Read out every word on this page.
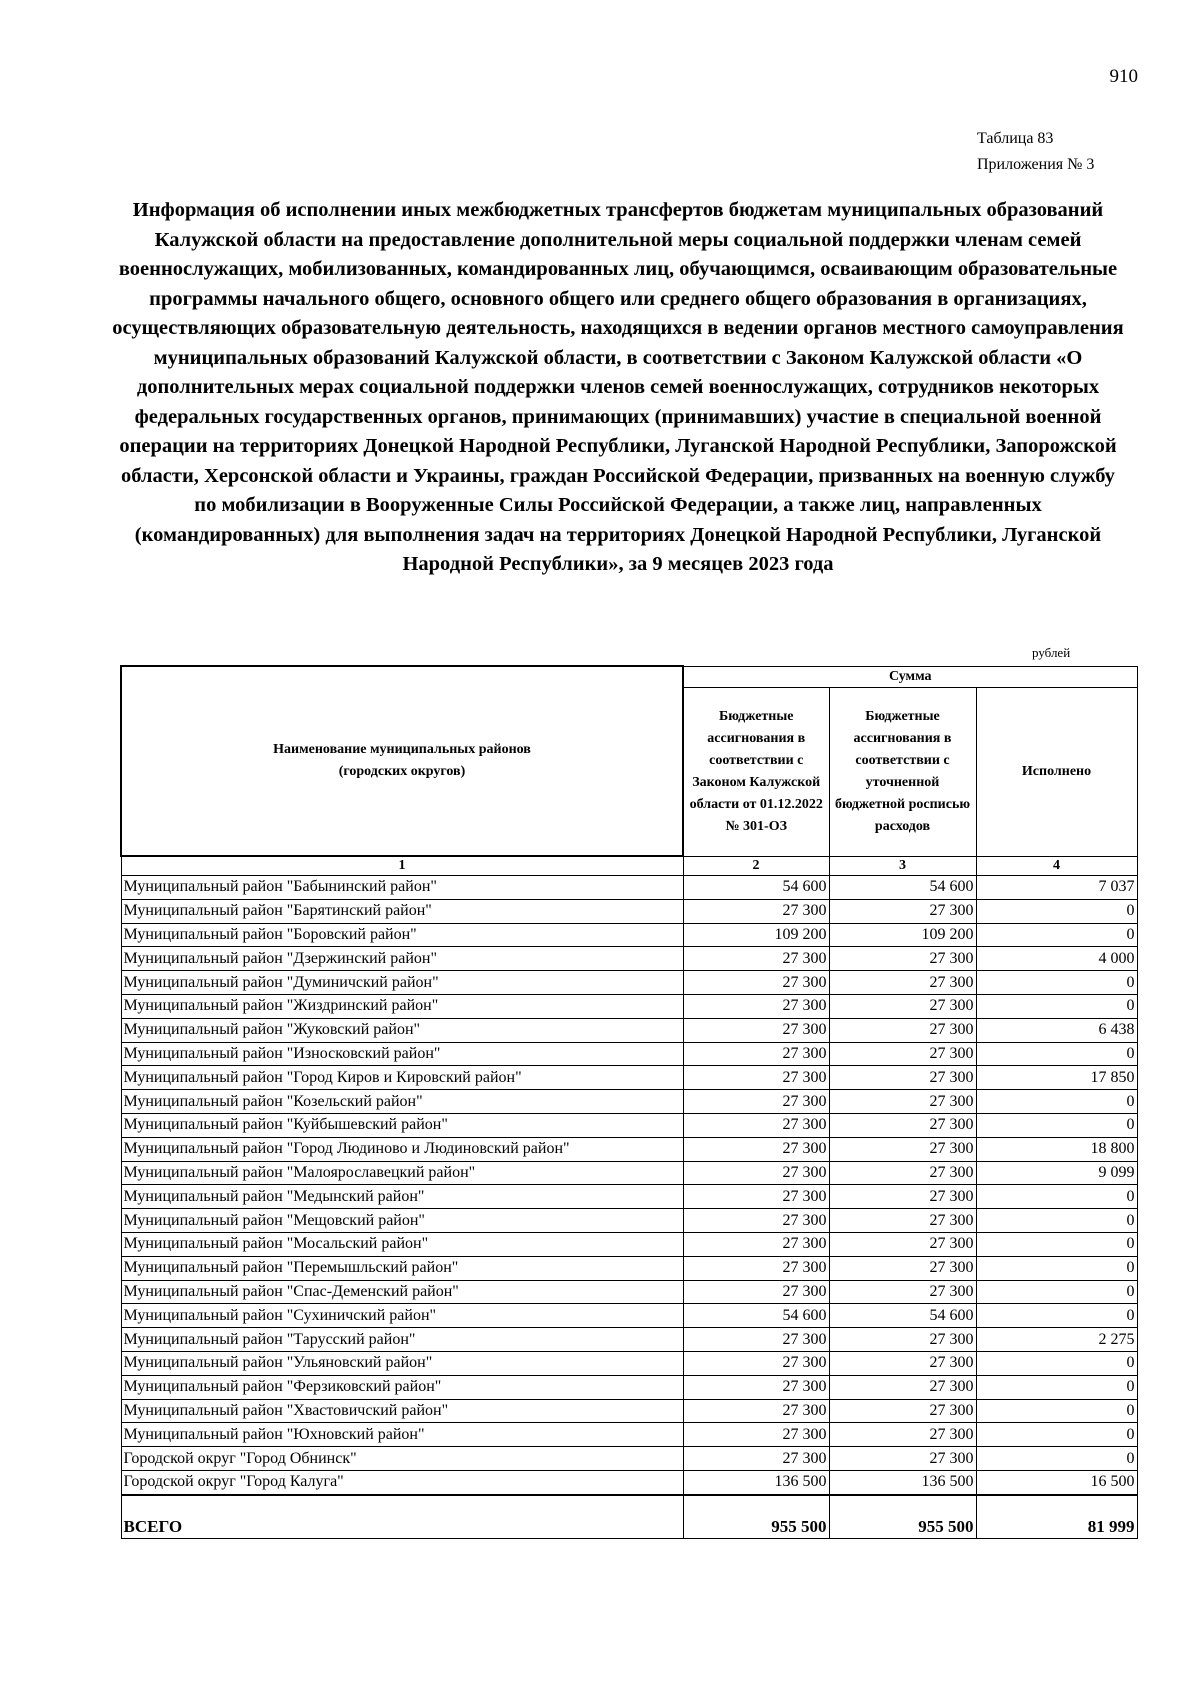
910
Таблица 83
Приложения № 3
Информация об исполнении иных межбюджетных трансфертов бюджетам муниципальных образований Калужской области на предоставление дополнительной меры социальной поддержки членам семей военнослужащих, мобилизованных, командированных лиц, обучающимся, осваивающим образовательные программы начального общего, основного общего или среднего общего образования в организациях, осуществляющих образовательную деятельность, находящихся в ведении органов местного самоуправления муниципальных образований Калужской области, в соответствии с Законом Калужской области «О дополнительных мерах социальной поддержки членов семей военнослужащих, сотрудников некоторых федеральных государственных органов, принимающих (принимавших) участие в специальной военной операции на территориях Донецкой Народной Республики, Луганской Народной Республики, Запорожской области, Херсонской области и Украины, граждан Российской Федерации, призванных на военную службу по мобилизации в Вооруженные Силы Российской Федерации, а также лиц, направленных (командированных) для выполнения задач на территориях Донецкой Народной Республики, Луганской Народной Республики», за 9 месяцев 2023 года
рублей
Наименование муниципальных районов
(городских округов)	Сумма		
	Бюджетные ассигнования в соответствии с Законом Калужской области от 01.12.2022 № 301-ОЗ	Бюджетные ассигнования в соответствии с уточненной бюджетной росписью расходов	Исполнено
1	2	3	4
Муниципальный район "Бабынинский район"	54 600	54 600	7 037
Муниципальный район "Барятинский район"	27 300	27 300	0
Муниципальный район "Боровский район"	109 200	109 200	0
Муниципальный район "Дзержинский район"	27 300	27 300	4 000
Муниципальный район "Думиничский район"	27 300	27 300	0
Муниципальный район "Жиздринский район"	27 300	27 300	0
Муниципальный район "Жуковский район"	27 300	27 300	6 438
Муниципальный район "Износковский район"	27 300	27 300	0
Муниципальный район "Город Киров и Кировский район"	27 300	27 300	17 850
Муниципальный район "Козельский район"	27 300	27 300	0
Муниципальный район "Куйбышевский район"	27 300	27 300	0
Муниципальный район "Город Людиново и Людиновский район"	27 300	27 300	18 800
Муниципальный район "Малоярославецкий район"	27 300	27 300	9 099
Муниципальный район "Медынский район"	27 300	27 300	0
Муниципальный район "Мещовский район"	27 300	27 300	0
Муниципальный район "Мосальский район"	27 300	27 300	0
Муниципальный район "Перемышльский район"	27 300	27 300	0
Муниципальный район "Спас-Деменский район"	27 300	27 300	0
Муниципальный район "Сухиничский район"	54 600	54 600	0
Муниципальный район "Тарусский район"	27 300	27 300	2 275
Муниципальный район "Ульяновский район"	27 300	27 300	0
Муниципальный район "Ферзиковский район"	27 300	27 300	0
Муниципальный район "Хвастовичский район"	27 300	27 300	0
Муниципальный район "Юхновский район"	27 300	27 300	0
Городской округ "Город Обнинск"	27 300	27 300	0
Городской округ "Город Калуга"	136 500	136 500	16 500
ВСЕГО	955 500	955 500	81 999
